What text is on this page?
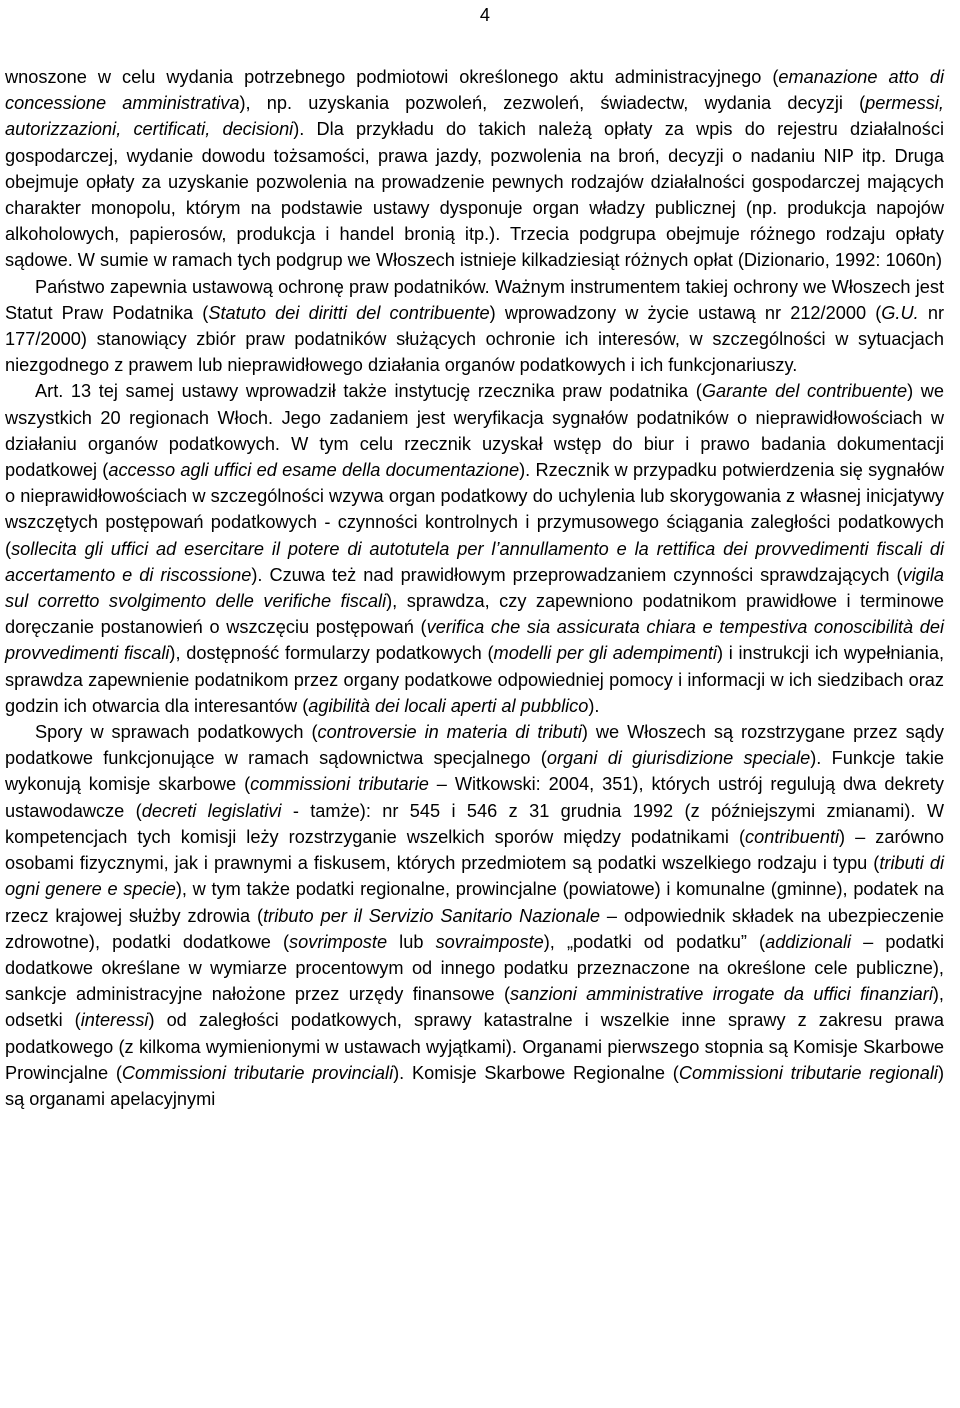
4

wnoszone w celu wydania potrzebnego podmiotowi określonego aktu administracyjnego (emanazione atto di concessione amministrativa), np. uzyskania pozwoleń, zezwoleń, świadectw, wydania decyzji (permessi, autorizzazioni, certificati, decisioni). Dla przykładu do takich należą opłaty za wpis do rejestru działalności gospodarczej, wydanie dowodu tożsamości, prawa jazdy, pozwolenia na broń, decyzji o nadaniu NIP itp. Druga obejmuje opłaty za uzyskanie pozwolenia na prowadzenie pewnych rodzajów działalności gospodarczej mających charakter monopolu, którym na podstawie ustawy dysponuje organ władzy publicznej (np. produkcja napojów alkoholowych, papierosów, produkcja i handel bronią itp.). Trzecia podgrupa obejmuje różnego rodzaju opłaty sądowe. W sumie w ramach tych podgrup we Włoszech istnieje kilkadziesiąt różnych opłat (Dizionario, 1992: 1060n)

Państwo zapewnia ustawową ochronę praw podatników. Ważnym instrumentem takiej ochrony we Włoszech jest Statut Praw Podatnika (Statuto dei diritti del contribuente) wprowadzony w życie ustawą nr 212/2000 (G.U. nr 177/2000) stanowiący zbiór praw podatników służących ochronie ich interesów, w szczególności w sytuacjach niezgodnego z prawem lub nieprawidłowego działania organów podatkowych i ich funkcjonariuszy.

Art. 13 tej samej ustawy wprowadził także instytucję rzecznika praw podatnika (Garante del contribuente) we wszystkich 20 regionach Włoch. Jego zadaniem jest weryfikacja sygnałów podatników o nieprawidłowościach w działaniu organów podatkowych. W tym celu rzecznik uzyskał wstęp do biur i prawo badania dokumentacji podatkowej (accesso agli uffici ed esame della documentazione). Rzecznik w przypadku potwierdzenia się sygnałów o nieprawidłowościach w szczególności wzywa organ podatkowy do uchylenia lub skorygowania z własnej inicjatywy wszczętych postępowań podatkowych - czynności kontrolnych i przymusowego ściągania zaległości podatkowych (sollecita gli uffici ad esercitare il potere di autotutela per l’annullamento e la rettifica dei provvedimenti fiscali di accertamento e di riscossione). Czuwa też nad prawidłowym przeprowadzaniem czynności sprawdzających (vigila sul corretto svolgimento delle verifiche fiscali), sprawdza, czy zapewniono podatnikom prawidłowe i terminowe doręczanie postanowień o wszczęciu postępowań (verifica che sia assicurata chiara e tempestiva conoscibilità dei provvedimenti fiscali), dostępność formularzy podatkowych (modelli per gli adempimenti) i instrukcji ich wypełniania, sprawdza zapewnienie podatnikom przez organy podatkowe odpowiedniej pomocy i informacji w ich siedzibach oraz godzin ich otwarcia dla interesantów (agibilità dei locali aperti al pubblico).

Spory w sprawach podatkowych (controversie in materia di tributi) we Włoszech są rozstrzygane przez sądy podatkowe funkcjonujące w ramach sądownictwa specjalnego (organi di giurisdizione speciale). Funkcje takie wykonują komisje skarbowe (commissioni tributarie – Witkowski: 2004, 351), których ustrój regulują dwa dekrety ustawodawcze (decreti legislativi - tamże): nr 545 i 546 z 31 grudnia 1992 (z późniejszymi zmianami). W kompetencjach tych komisji leży rozstrzyganie wszelkich sporów między podatnikami (contribuenti) – zarówno osobami fizycznymi, jak i prawnymi a fiskusem, których przedmiotem są podatki wszelkiego rodzaju i typu (tributi di ogni genere e specie), w tym także podatki regionalne, prowincjalne (powiatowe) i komunalne (gminne), podatek na rzecz krajowej służby zdrowia (tributo per il Servizio Sanitario Nazionale – odpowiednik składek na ubezpieczenie zdrowotne), podatki dodatkowe (sovrimposte lub sovraimposte), „podatki od podatku” (addizionali – podatki dodatkowe określane w wymiarze procentowym od innego podatku przeznaczone na określone cele publiczne), sankcje administracyjne nałożone przez urzędy finansowe (sanzioni amministrative irrogate da uffici finanziari), odsetki (interessi) od zaległości podatkowych, sprawy katastralne i wszelkie inne sprawy z zakresu prawa podatkowego (z kilkoma wymienionymi w ustawach wyjątkami). Organami pierwszego stopnia są Komisje Skarbowe Prowincjalne (Commissioni tributarie provinciali). Komisje Skarbowe Regionalne (Commissioni tributarie regionali) są organami apelacyjnymi
